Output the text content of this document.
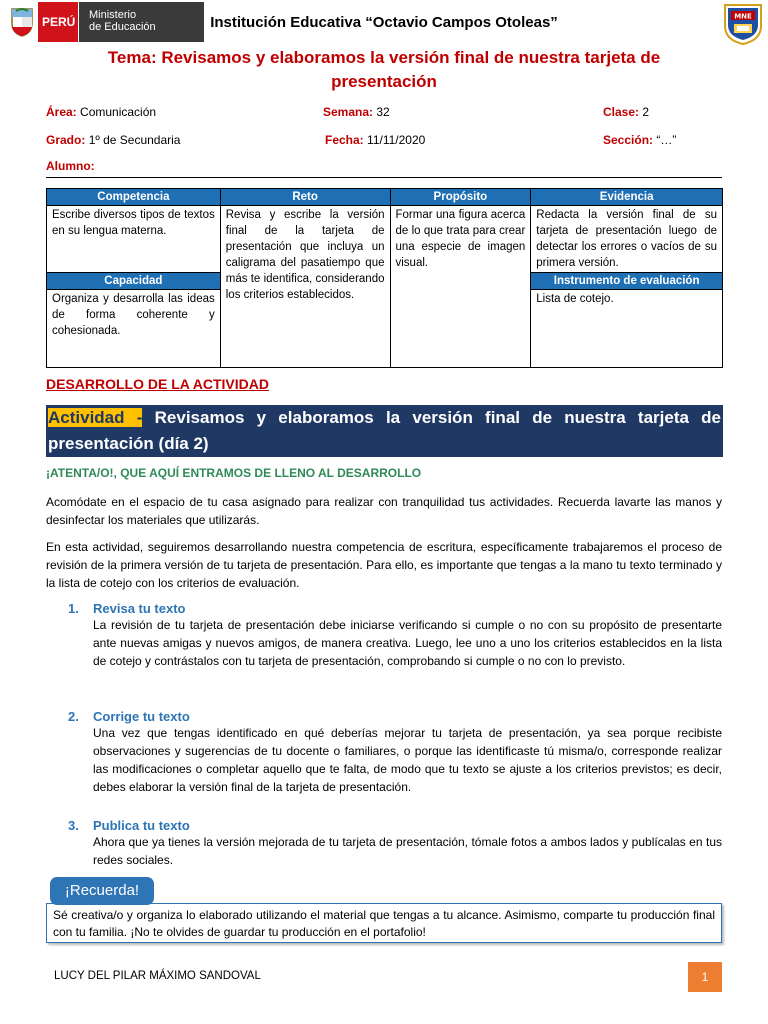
PERÚ Ministerio
de Educación	Institución Educativa “Octavio Campos Otoleas”	MNE
Tema: Revisamos y elaboramos la versión final de nuestra tarjeta de presentación
Área: Comunicación	Semana: 32	Clase: 2
Grado: 1º de Secundaria	Fecha: 11/11/2020	Sección: “…”
Alumno:
Competencia	Reto	Propósito	Evidencia
Escribe diversos tipos de textos en su lengua materna.	Revisa y escribe la versión final de la tarjeta de presentación que incluya un caligrama del pasatiempo que más te identifica, considerando los criterios establecidos.	Formar una figura acerca de lo que trata para crear una especie de imagen visual.	Redacta la versión final de su tarjeta de presentación luego de detectar los errores o vacíos de su primera versión.
Capacidad			Instrumento de evaluación
Organiza y desarrolla las ideas de forma coherente y cohesionada.			Lista de cotejo.
DESARROLLO DE LA ACTIVIDAD
Actividad - Revisamos y elaboramos la versión final de nuestra tarjeta de presentación (día 2)
¡ATENTA/O!, QUE AQUÍ ENTRAMOS DE LLENO AL DESARROLLO
Acomódate en el espacio de tu casa asignado para realizar con tranquilidad tus actividades. Recuerda lavarte las manos y desinfectar los materiales que utilizarás.
En esta actividad, seguiremos desarrollando nuestra competencia de escritura, específicamente trabajaremos el proceso de revisión de la primera versión de tu tarjeta de presentación. Para ello, es importante que tengas a la mano tu texto terminado y la lista de cotejo con los criterios de evaluación.
1. Revisa tu texto
La revisión de tu tarjeta de presentación debe iniciarse verificando si cumple o no con su propósito de presentarte ante nuevas amigas y nuevos amigos, de manera creativa. Luego, lee uno a uno los criterios establecidos en la lista de cotejo y contrástalos con tu tarjeta de presentación, comprobando si cumple o no con lo previsto.
2. Corrige tu texto
Una vez que tengas identificado en qué deberías mejorar tu tarjeta de presentación, ya sea porque recibiste observaciones y sugerencias de tu docente o familiares, o porque las identificaste tú misma/o, corresponde realizar las modificaciones o completar aquello que te falta, de modo que tu texto se ajuste a los criterios previstos; es decir, debes elaborar la versión final de la tarjeta de presentación.
3. Publica tu texto
Ahora que ya tienes la versión mejorada de tu tarjeta de presentación, tómale fotos a ambos lados y publícalas en tus redes sociales.
Sé creativa/o y organiza lo elaborado utilizando el material que tengas a tu alcance. Asimismo, comparte tu producción final con tu familia. ¡No te olvides de guardar tu producción en el portafolio!
¡Recuerda!
LUCY DEL PILAR MÁXIMO SANDOVAL	1
